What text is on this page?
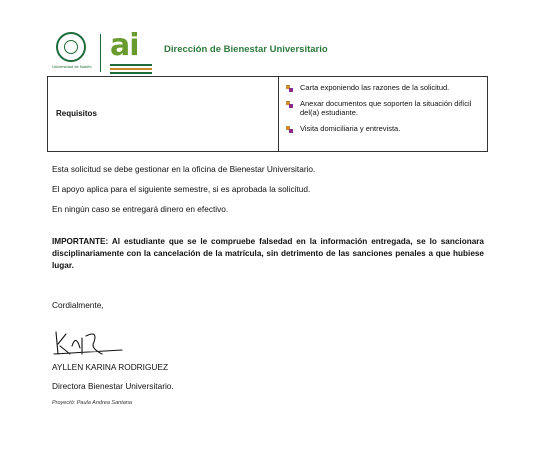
Universidad de Nariño
ai	Dirección de Bienestar Universitario
Requisitos
Carta exponiendo las razones de la solicitud.
Anexar documentos que soporten la situación difícil del(a) estudiante.
Visita domiciliaria y entrevista.
Esta solicitud se debe gestionar en la oficina de Bienestar Universitario.
El apoyo aplica para el siguiente semestre, si es aprobada la solicitud.
En ningún caso se entregará dinero en efectivo.
IMPORTANTE: Al estudiante que se le compruebe falsedad en la información entregada, se lo sancionara disciplinariamente con la cancelación de la matrícula, sin detrimento de las sanciones penales a que hubiese lugar.
Cordialmente,
AYLLEN KARINA RODRIGUEZ
Directora Bienestar Universitario.
Proyectó: Paula Andrea Santana
